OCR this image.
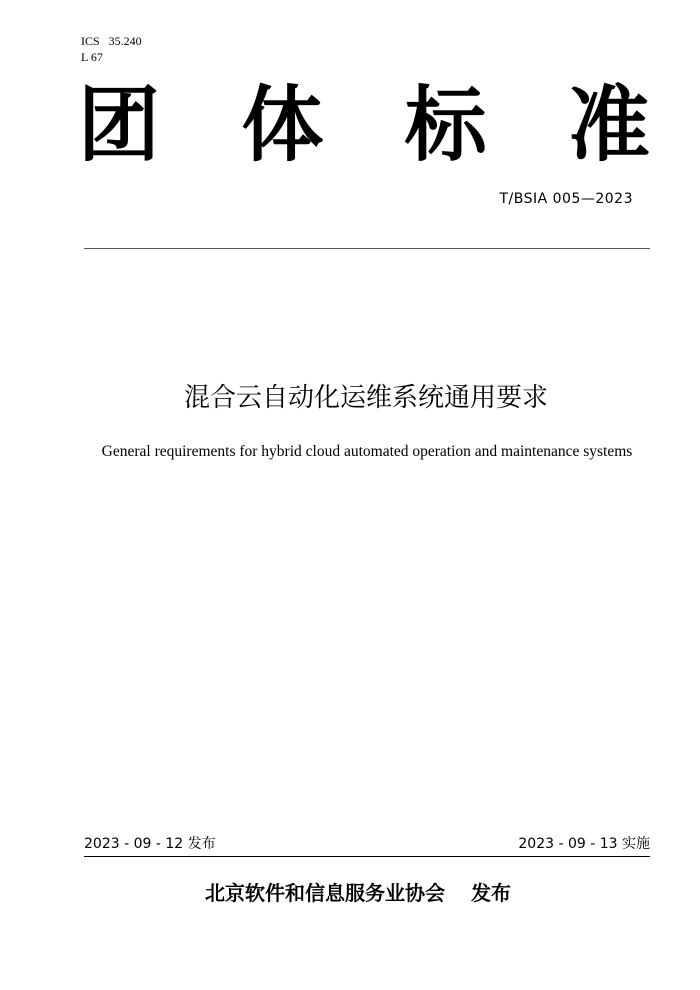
ICS   35.240
L 67
团 体 标 准
T/BSIA 005—2023
混合云自动化运维系统通用要求
General requirements for hybrid cloud automated operation and maintenance systems
2023 - 09 - 12 发布	2023 - 09 - 13 实施
北京软件和信息服务业协会 发布
